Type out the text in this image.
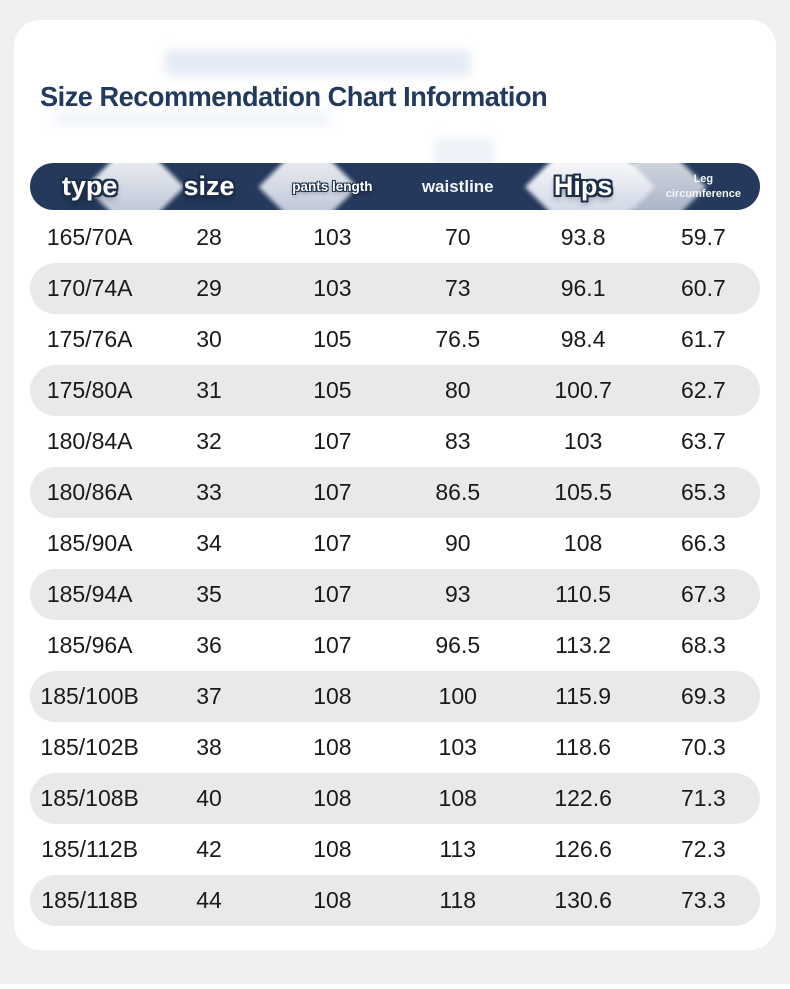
Size Recommendation Chart Information
type	size	pants length	waistline	Hips	Leg circumference
165/70A	28	103	70	93.8	59.7
170/74A	29	103	73	96.1	60.7
175/76A	30	105	76.5	98.4	61.7
175/80A	31	105	80	100.7	62.7
180/84A	32	107	83	103	63.7
180/86A	33	107	86.5	105.5	65.3
185/90A	34	107	90	108	66.3
185/94A	35	107	93	110.5	67.3
185/96A	36	107	96.5	113.2	68.3
185/100B	37	108	100	115.9	69.3
185/102B	38	108	103	118.6	70.3
185/108B	40	108	108	122.6	71.3
185/112B	42	108	113	126.6	72.3
185/118B	44	108	118	130.6	73.3
